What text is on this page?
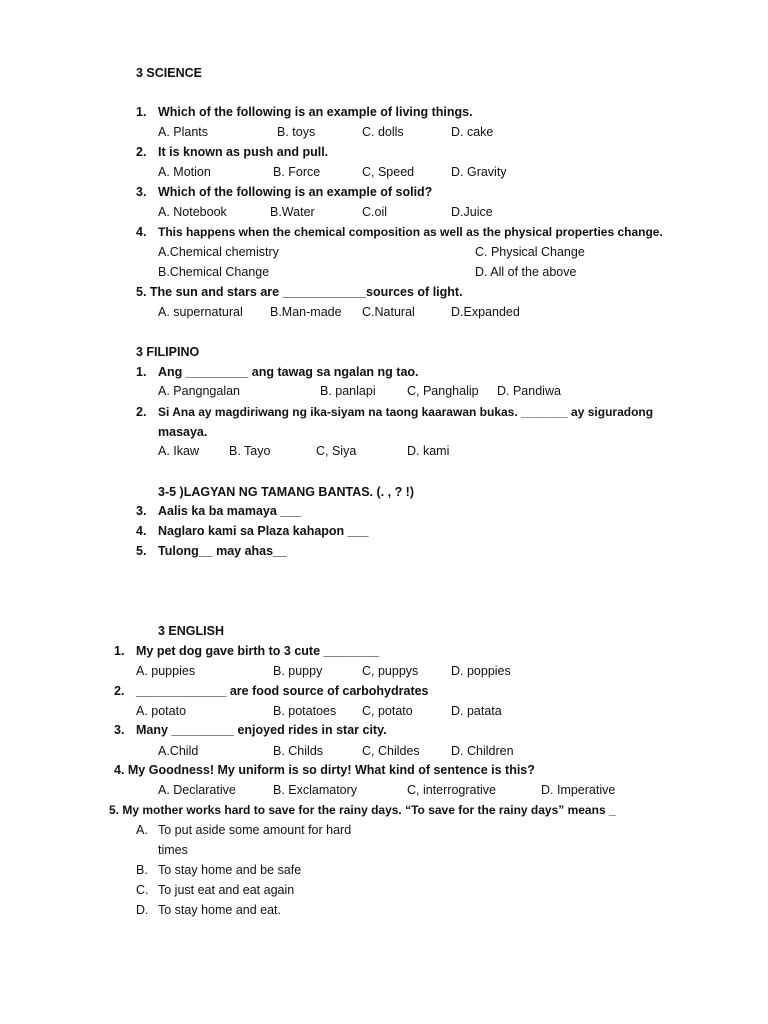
3 SCIENCE
1. Which of the following is an example of living things.
A. Plants	B. toys	C. dolls	D. cake
2. It is known as push and pull.
A. Motion	B. Force	C, Speed	D. Gravity
3. Which of the following is an example of solid?
A. Notebook	B.Water	C.oil	D.Juice
4. This happens when the chemical composition as well as the physical properties change.
A.Chemical chemistry	C. Physical Change
B.Chemical Change	D. All of the above
5. The sun and stars are ____________sources of light.
A. supernatural B.Man-made C.Natural	D.Expanded
3 FILIPINO
1. Ang _________ ang tawag sa ngalan ng tao.
A. Pangngalan	B. panlapi	C, Panghalip D. Pandiwa
2. Si Ana ay magdiriwang ng ika-siyam na taong kaarawan bukas. _______ ay siguradong
masaya.
A. Ikaw B. Tayo	C, Siya	D. kami
3-5 )LAGYAN NG TAMANG BANTAS. (. , ? !)
3. Aalis ka ba mamaya ___
4. Naglaro kami sa Plaza kahapon ___
5. Tulong__ may ahas__
3 ENGLISH
1. My pet dog gave birth to 3 cute ________
A. puppies	B. puppy	C, puppys	D. poppies
2. _____________ are food source of carbohydrates
A. potato	B. potatoes C, potato	D. patata
3. Many _________ enjoyed rides in star city.
A.Child	B. Childs	C, Childes	D. Children
4. My Goodness! My uniform is so dirty! What kind of sentence is this?
A. Declarative	B. Exclamatory	C, interrogrative	D. Imperative
5. My mother works hard to save for the rainy days. “To save for the rainy days” means _
A. To put aside some amount for hard
times
B. To stay home and be safe
C. To just eat and eat again
D. To stay home and eat.
